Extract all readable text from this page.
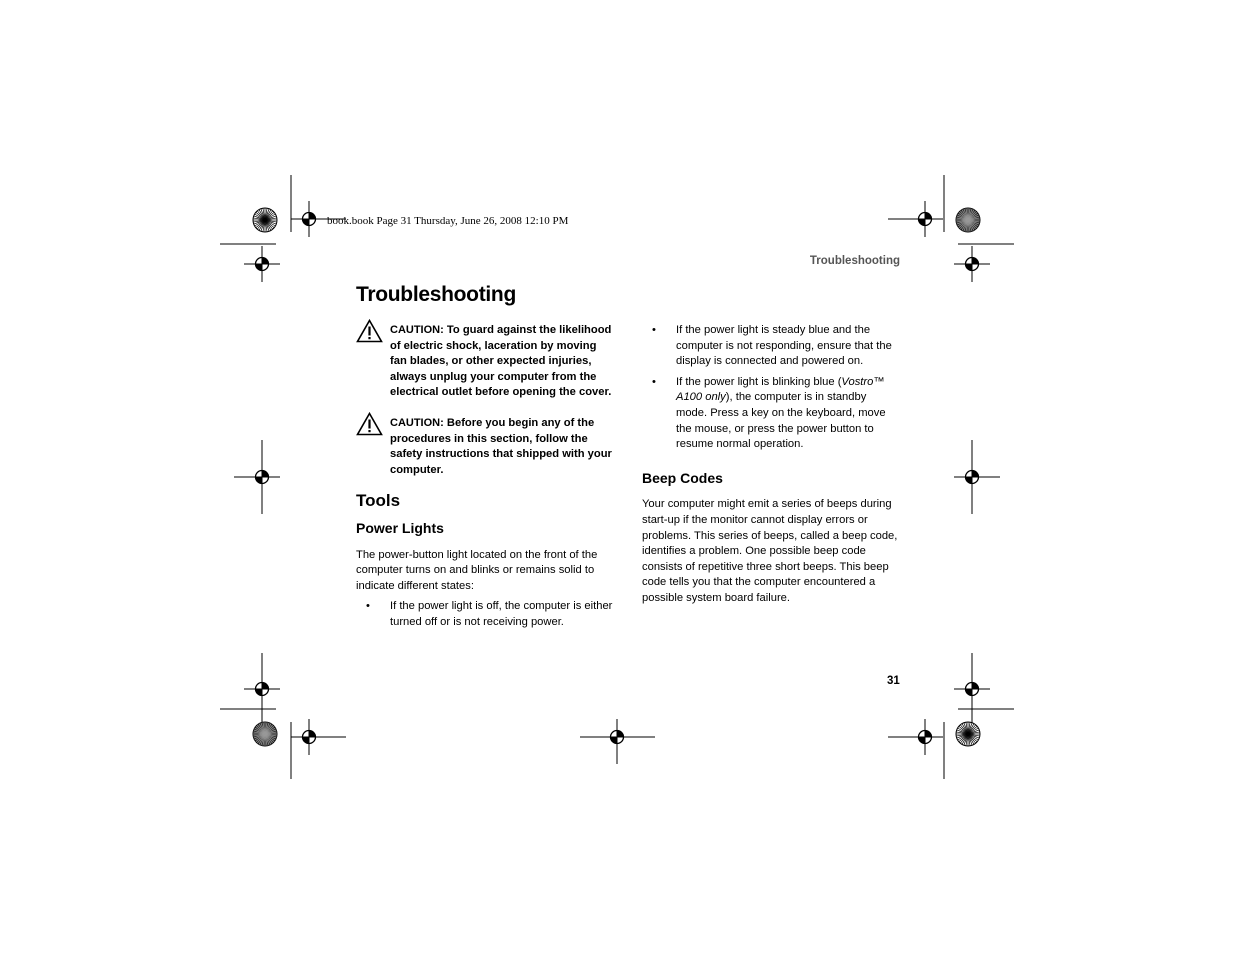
book.book Page 31 Thursday, June 26, 2008 12:10 PM
Troubleshooting
Troubleshooting
CAUTION: To guard against the likelihood of electric shock, laceration by moving fan blades, or other expected injuries, always unplug your computer from the electrical outlet before opening the cover.
CAUTION: Before you begin any of the procedures in this section, follow the safety instructions that shipped with your computer.
Tools
Power Lights

The power-button light located on the front of the computer turns on and blinks or remains solid to indicate different states:

• If the power light is off, the computer is either turned off or is not receiving power.
• If the power light is steady blue and the computer is not responding, ensure that the display is connected and powered on.
• If the power light is blinking blue (Vostro™ A100 only), the computer is in standby mode. Press a key on the keyboard, move the mouse, or press the power button to resume normal operation.
Beep Codes

Your computer might emit a series of beeps during start-up if the monitor cannot display errors or problems. This series of beeps, called a beep code, identifies a problem. One possible beep code consists of repetitive three short beeps. This beep code tells you that the computer encountered a possible system board failure.

31
